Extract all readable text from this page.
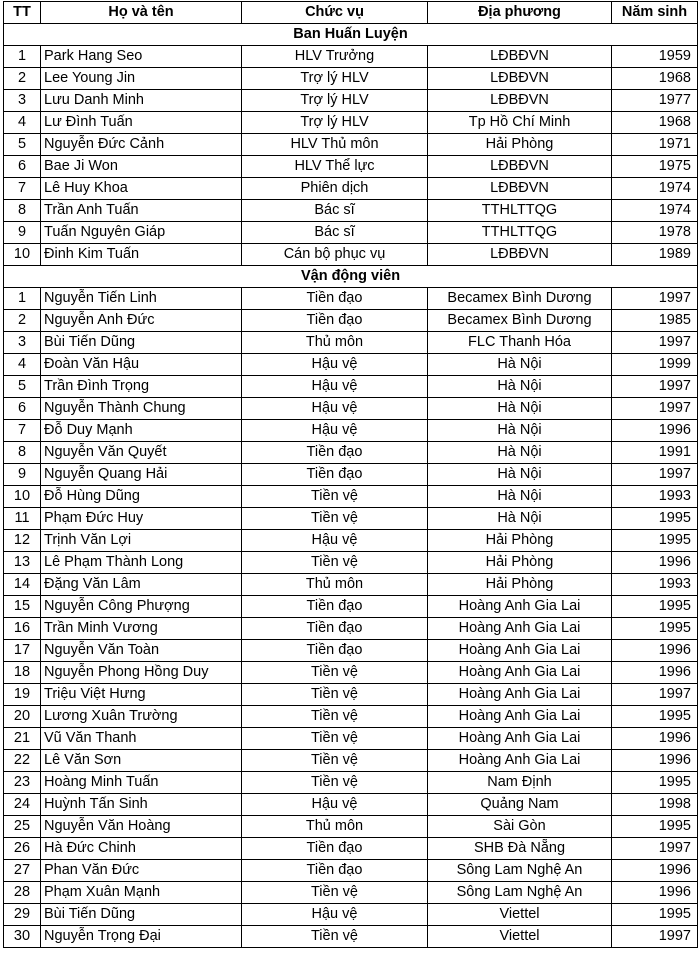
TT	Họ và tên	Chức vụ	Địa phương	Năm sinh
Ban Huấn Luyện				
1	Park Hang Seo	HLV Trưởng	LĐBĐVN	1959
2	Lee Young Jin	Trợ lý HLV	LĐBĐVN	1968
3	Lưu Danh Minh	Trợ lý HLV	LĐBĐVN	1977
4	Lư Đình Tuấn	Trợ lý HLV	Tp Hồ Chí Minh	1968
5	Nguyễn Đức Cảnh	HLV Thủ môn	Hải Phòng	1971
6	Bae Ji Won	HLV Thể lực	LĐBĐVN	1975
7	Lê Huy Khoa	Phiên dịch	LĐBĐVN	1974
8	Trần Anh Tuấn	Bác sĩ	TTHLTTQG	1974
9	Tuấn Nguyên Giáp	Bác sĩ	TTHLTTQG	1978
10	Đinh Kim Tuấn	Cán bộ phục vụ	LĐBĐVN	1989
Vận động viên				
1	Nguyễn Tiến Linh	Tiền đạo	Becamex Bình Dương	1997
2	Nguyễn Anh Đức	Tiền đạo	Becamex Bình Dương	1985
3	Bùi Tiến Dũng	Thủ môn	FLC Thanh Hóa	1997
4	Đoàn Văn Hậu	Hậu vệ	Hà Nội	1999
5	Trần Đình Trọng	Hậu vệ	Hà Nội	1997
6	Nguyễn Thành Chung	Hậu vệ	Hà Nội	1997
7	Đỗ Duy Mạnh	Hậu vệ	Hà Nội	1996
8	Nguyễn Văn Quyết	Tiền đạo	Hà Nội	1991
9	Nguyễn Quang Hải	Tiền đạo	Hà Nội	1997
10	Đỗ Hùng Dũng	Tiền vệ	Hà Nội	1993
11	Phạm Đức Huy	Tiền vệ	Hà Nội	1995
12	Trịnh Văn Lợi	Hậu vệ	Hải Phòng	1995
13	Lê Phạm Thành Long	Tiền vệ	Hải Phòng	1996
14	Đặng Văn Lâm	Thủ môn	Hải Phòng	1993
15	Nguyễn Công Phượng	Tiền đạo	Hoàng Anh Gia Lai	1995
16	Trần Minh Vương	Tiền đạo	Hoàng Anh Gia Lai	1995
17	Nguyễn Văn Toàn	Tiền đạo	Hoàng Anh Gia Lai	1996
18	Nguyễn Phong Hồng Duy	Tiền vệ	Hoàng Anh Gia Lai	1996
19	Triệu Việt Hưng	Tiền vệ	Hoàng Anh Gia Lai	1997
20	Lương Xuân Trường	Tiền vệ	Hoàng Anh Gia Lai	1995
21	Vũ Văn Thanh	Tiền vệ	Hoàng Anh Gia Lai	1996
22	Lê Văn Sơn	Tiền vệ	Hoàng Anh Gia Lai	1996
23	Hoàng Minh Tuấn	Tiền vệ	Nam Định	1995
24	Huỳnh Tấn Sinh	Hậu vệ	Quảng Nam	1998
25	Nguyễn Văn Hoàng	Thủ môn	Sài Gòn	1995
26	Hà Đức Chinh	Tiền đạo	SHB Đà Nẵng	1997
27	Phan Văn Đức	Tiền đạo	Sông Lam Nghệ An	1996
28	Phạm Xuân Mạnh	Tiền vệ	Sông Lam Nghệ An	1996
29	Bùi Tiến Dũng	Hậu vệ	Viettel	1995
30	Nguyễn Trọng Đại	Tiền vệ	Viettel	1997
